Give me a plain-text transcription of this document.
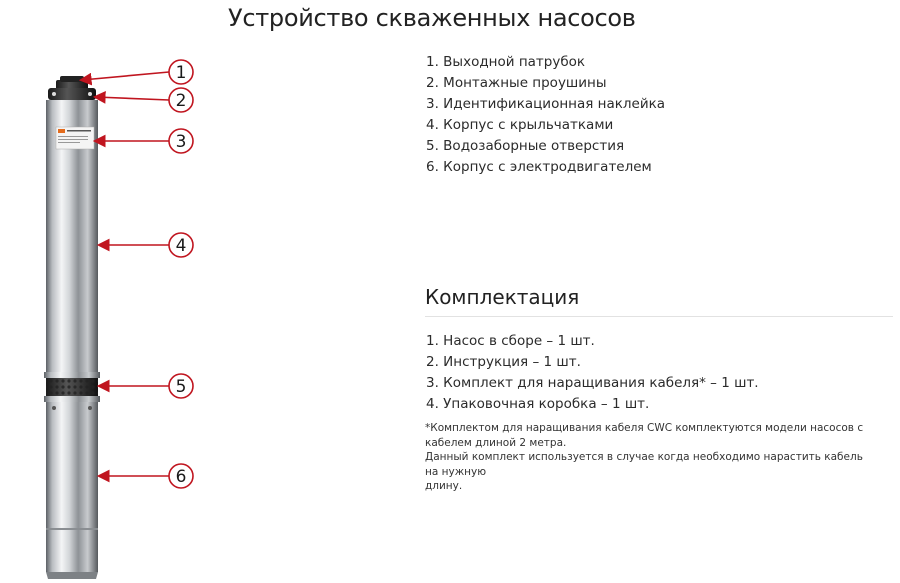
Устройство скваженных насосов
1
2
3
4
5
6
1. Выходной патрубок
2. Монтажные проушины
3. Идентификационная наклейка
4. Корпус с крыльчатками
5. Водозаборные отверстия
6. Корпус с электродвигателем
Комплектация
1. Насос в сборе – 1 шт.
2. Инструкция – 1 шт.
3. Комплект для наращивания кабеля* – 1 шт.
4. Упаковочная коробка – 1 шт.

*Комплектом для наращивания кабеля CWC комплектуются модели насосов с кабелем длиной 2 метра.

Данный комплект используется в случае когда необходимо нарастить кабель на нужную

длину.
